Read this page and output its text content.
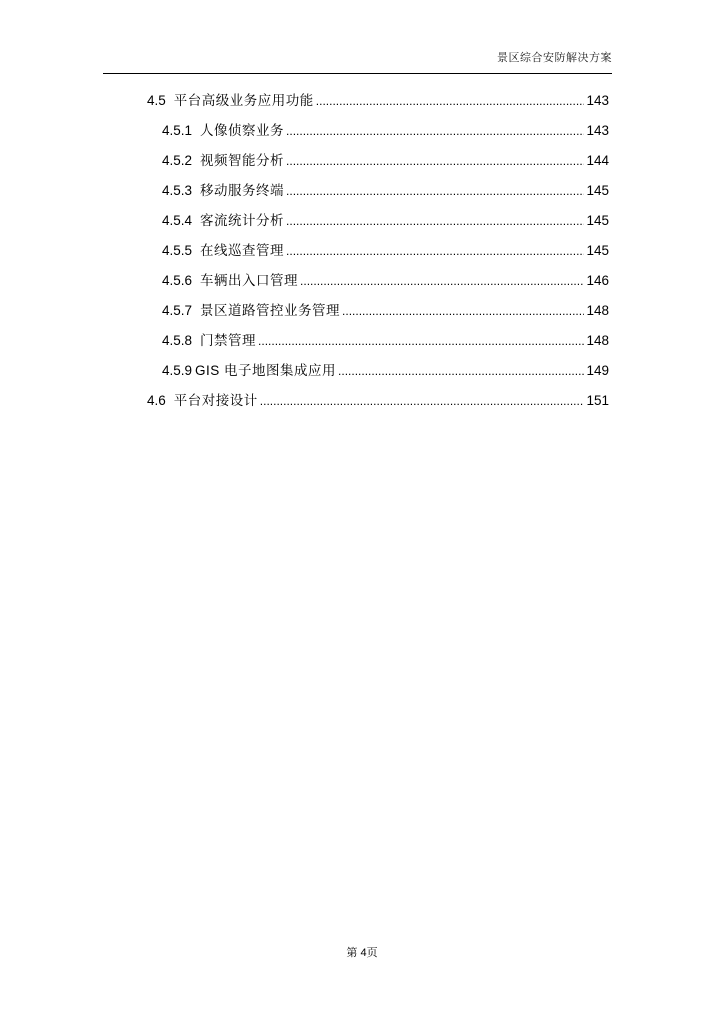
景区综合安防解决方案
4.5 平台高级业务应用功能 .....	143
4.5.1 人像侦察业务 .....	143
4.5.2 视频智能分析 .....	144
4.5.3 移动服务终端 .....	145
4.5.4 客流统计分析 .....	145
4.5.5 在线巡查管理 .....	145
4.5.6 车辆出入口管理 .....	146
4.5.7 景区道路管控业务管理 .....	148
4.5.8 门禁管理 .....	148
4.5.9 GIS 电子地图集成应用 .....	149
4.6 平台对接设计 .....	151
第 4页
